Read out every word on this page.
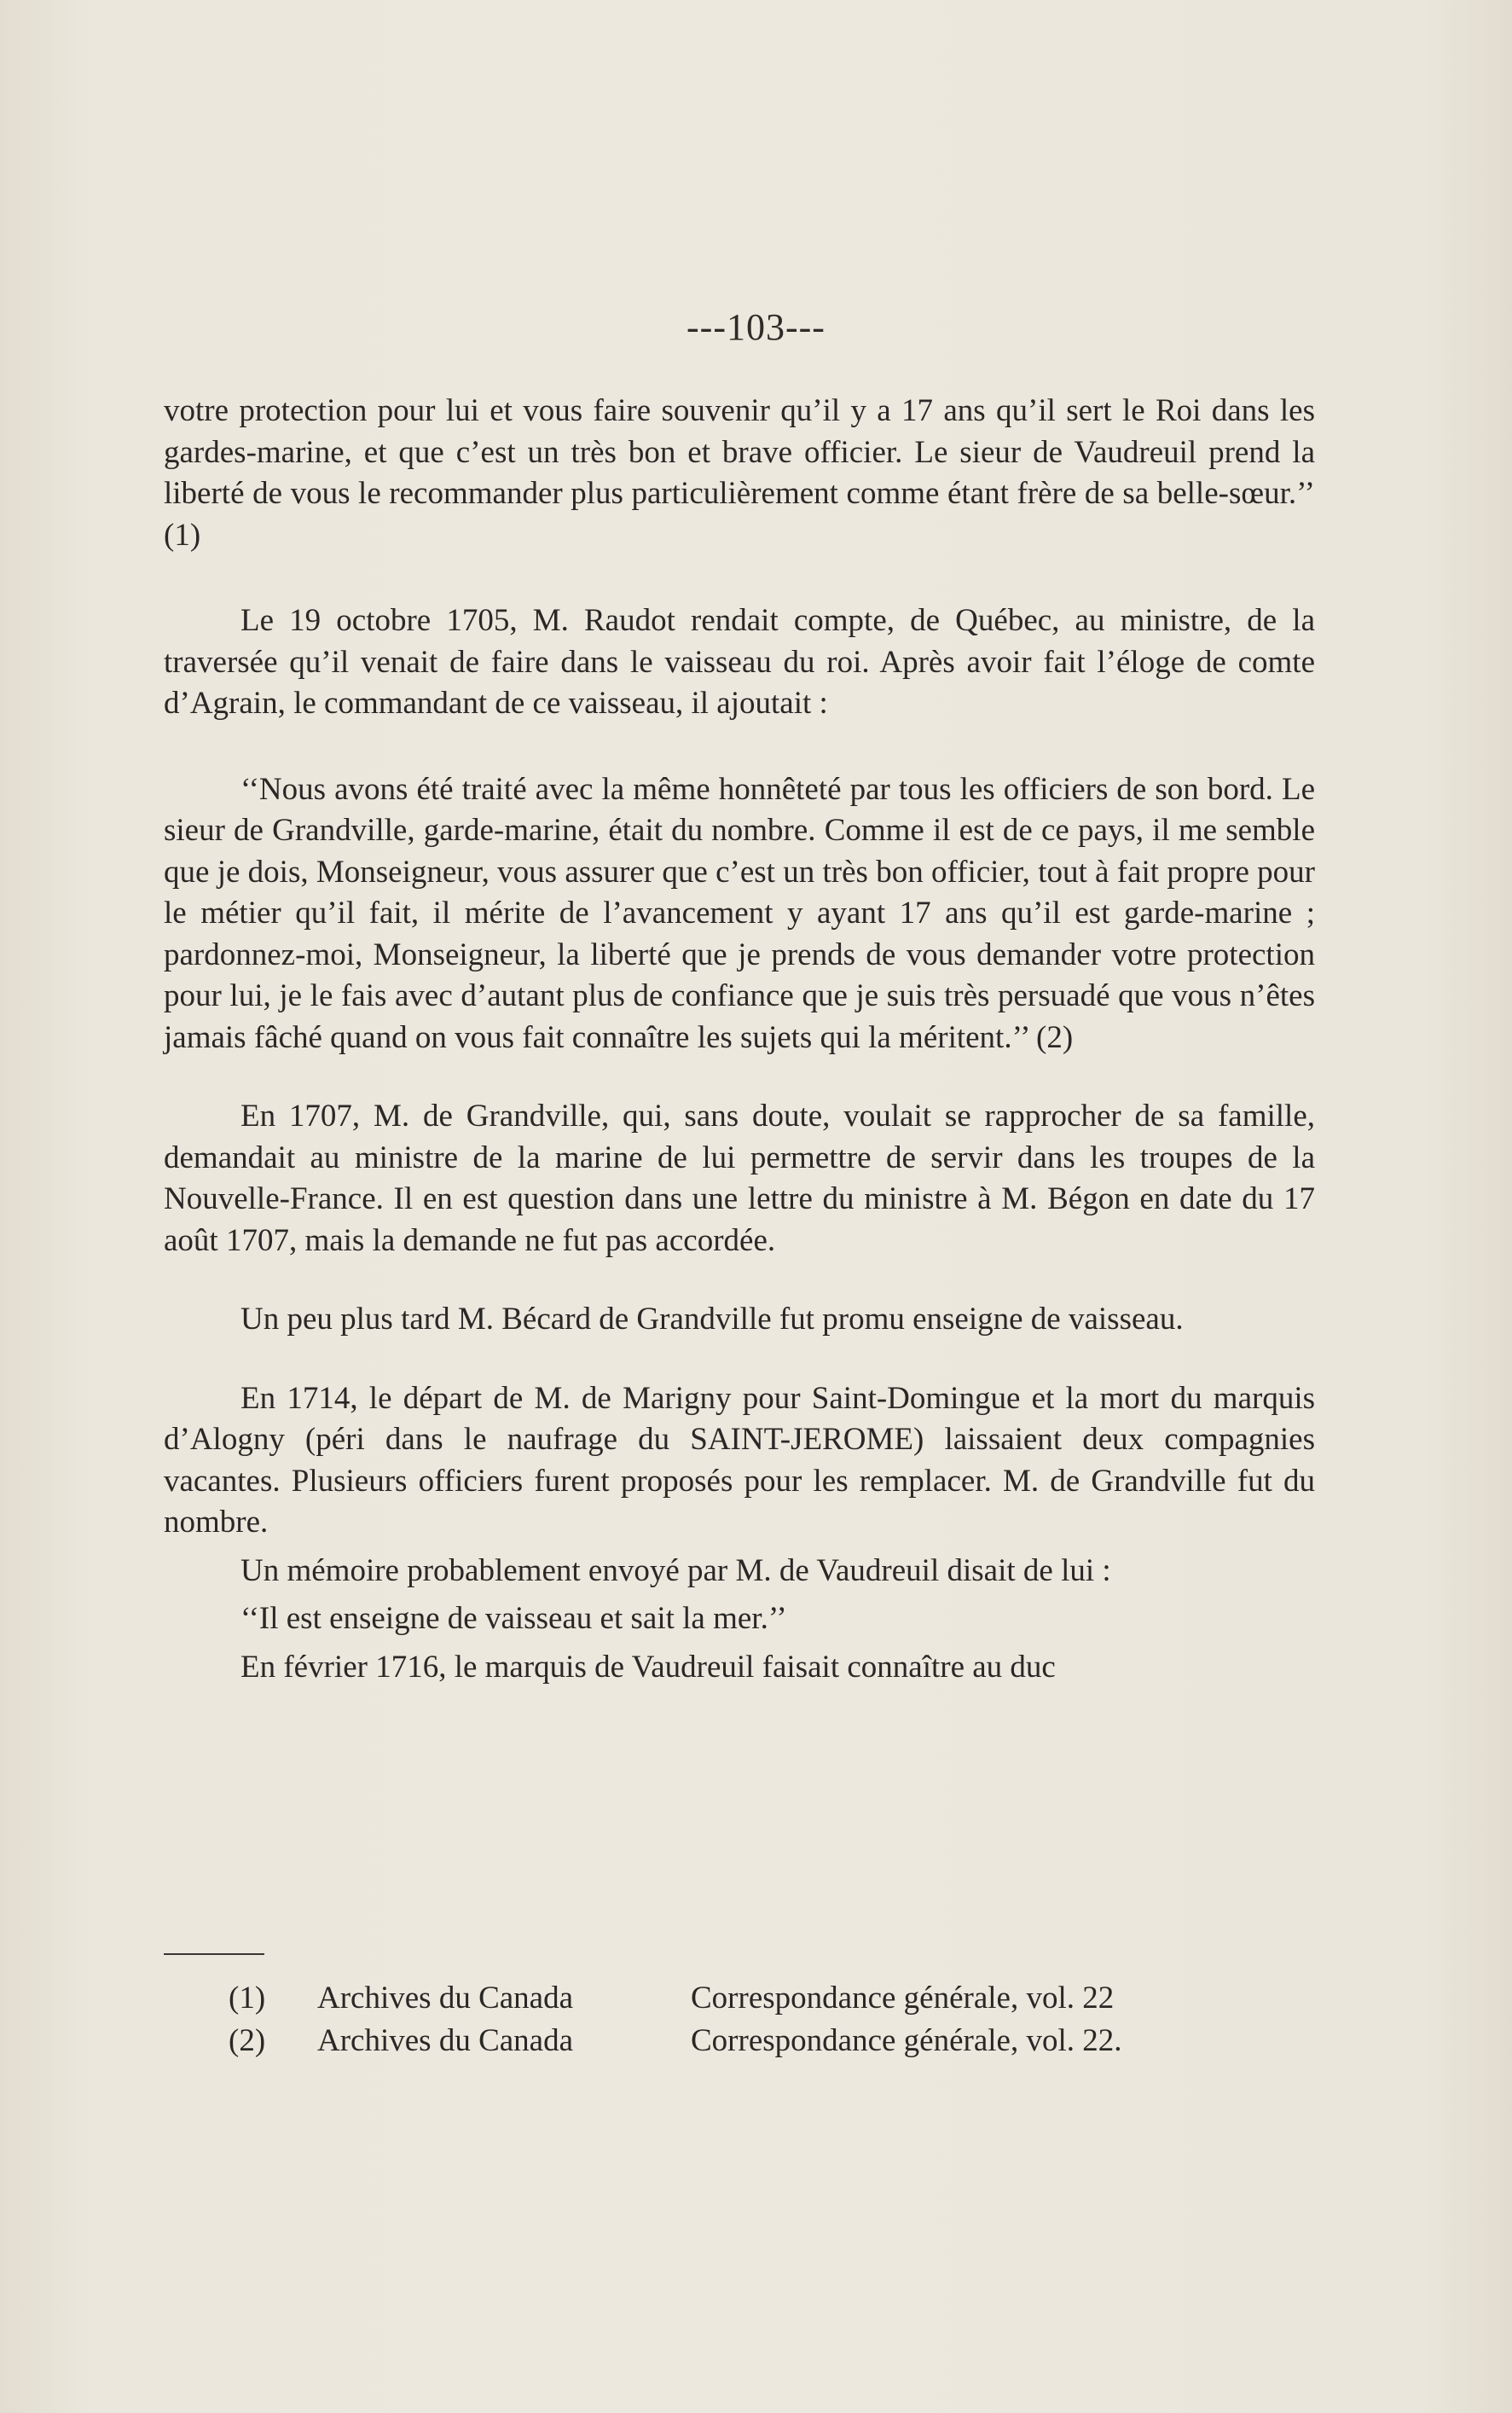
---103---

votre protection pour lui et vous faire souvenir qu’il y a 17 ans qu’il sert le Roi dans les gardes-marine, et que c’est un très bon et brave officier. Le sieur de Vaudreuil prend la liberté de vous le recommander plus particulièrement comme étant frère de sa belle-sœur.’’ (1)

Le 19 octobre 1705, M. Raudot rendait compte, de Québec, au ministre, de la traversée qu’il venait de faire dans le vaisseau du roi. Après avoir fait l’éloge de comte d’Agrain, le commandant de ce vaisseau, il ajoutait :

‘‘Nous avons été traité avec la même honnêteté par tous les officiers de son bord. Le sieur de Grandville, garde-marine, était du nombre. Comme il est de ce pays, il me semble que je dois, Monseigneur, vous assurer que c’est un très bon officier, tout à fait propre pour le métier qu’il fait, il mérite de l’avancement y ayant 17 ans qu’il est garde-marine ; pardonnez-moi, Monseigneur, la liberté que je prends de vous demander votre protection pour lui, je le fais avec d’autant plus de confiance que je suis très persuadé que vous n’êtes jamais fâché quand on vous fait connaître les sujets qui la méritent.’’ (2)

En 1707, M. de Grandville, qui, sans doute, voulait se rapprocher de sa famille, demandait au ministre de la marine de lui permettre de servir dans les troupes de la Nouvelle-France. Il en est question dans une lettre du ministre à M. Bégon en date du 17 août 1707, mais la demande ne fut pas accordée.

Un peu plus tard M. Bécard de Grandville fut promu enseigne de vaisseau.

En 1714, le départ de M. de Marigny pour Saint-Domingue et la mort du marquis d’Alogny (péri dans le naufrage du SAINT-JEROME) laissaient deux compagnies vacantes. Plusieurs officiers furent proposés pour les remplacer. M. de Grandville fut du nombre.

Un mémoire probablement envoyé par M. de Vaudreuil disait de lui :

‘‘Il est enseigne de vaisseau et sait la mer.’’

En février 1716, le marquis de Vaudreuil faisait connaître au duc

(1)	Archives du Canada	Correspondance générale, vol. 22
(2)	Archives du Canada	Correspondance générale, vol. 22.
